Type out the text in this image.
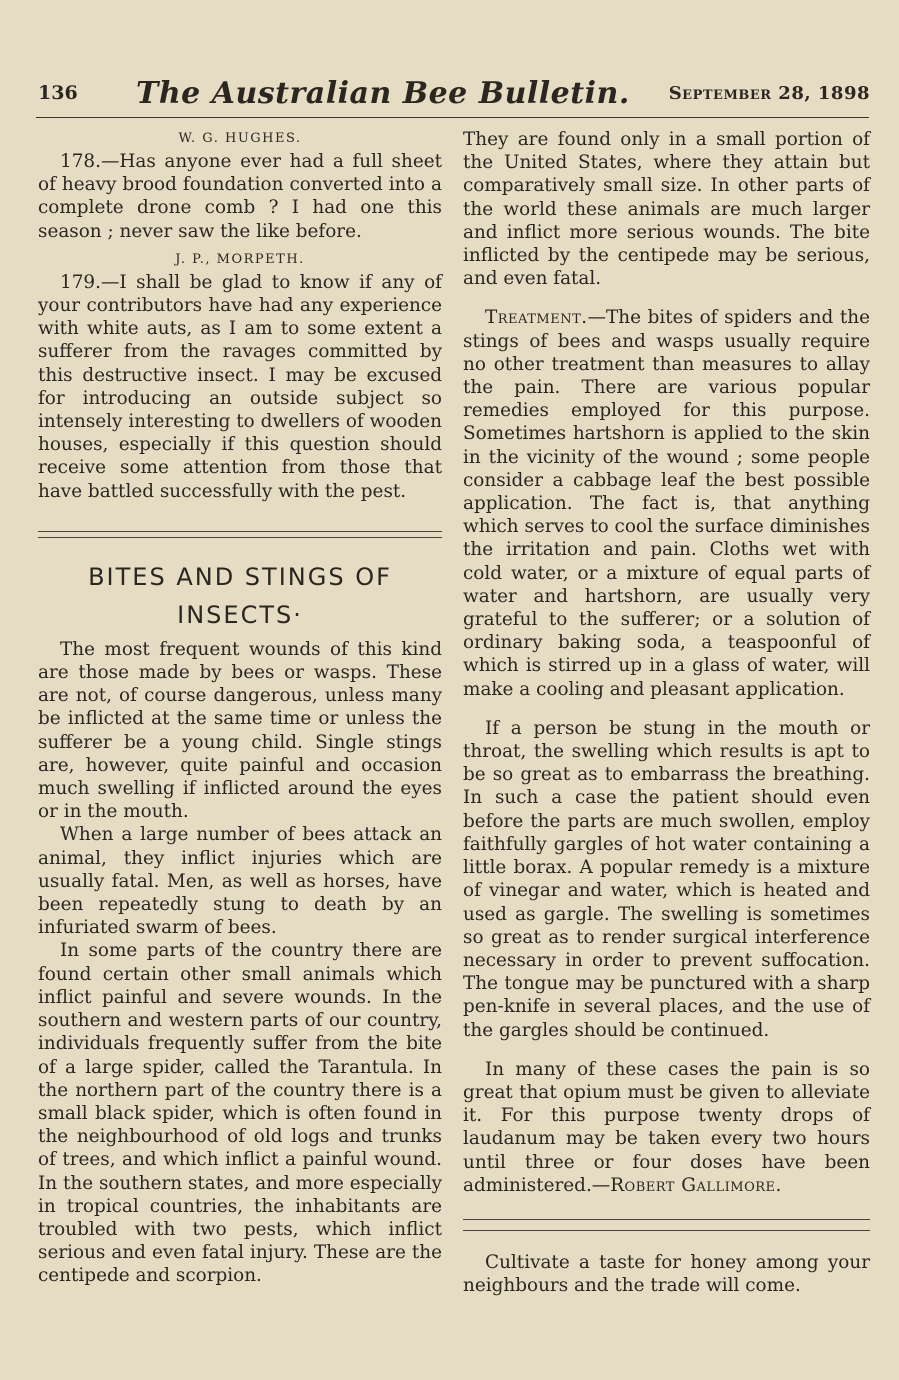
136 The Australian Bee Bulletin. September 28, 1898

W. G. HUGHES.

178.—Has anyone ever had a full sheet of heavy brood foundation converted into a complete drone comb ? I had one this season ; never saw the like before.

J. P., MORPETH.

179.—I shall be glad to know if any of your contributors have had any experience with white auts, as I am to some extent a sufferer from the ravages committed by this destructive insect. I may be excused for introducing an outside subject so intensely interesting to dwellers of wooden houses, especially if this question should receive some attention from those that have battled successfully with the pest.

BITES AND STINGS OF

INSECTS·

The most frequent wounds of this kind are those made by bees or wasps. These are not, of course dangerous, unless many be inflicted at the same time or unless the sufferer be a young child. Single stings are, however, quite painful and occasion much swelling if inflicted around the eyes or in the mouth.

When a large number of bees attack an animal, they inflict injuries which are usually fatal. Men, as well as horses, have been repeatedly stung to death by an infuriated swarm of bees.

In some parts of the country there are found certain other small animals which inflict painful and severe wounds. In the southern and western parts of our country, individuals frequently suffer from the bite of a large spider, called the Tarantula. In the northern part of the country there is a small black spider, which is often found in the neighbourhood of old logs and trunks of trees, and which inflict a painful wound. In the southern states, and more especially in tropical countries, the inhabitants are troubled with two pests, which inflict serious and even fatal injury. These are the centipede and scorpion.

They are found only in a small portion of the United States, where they attain but comparatively small size. In other parts of the world these animals are much larger and inflict more serious wounds. The bite inflicted by the centipede may be serious, and even fatal.

Treatment.—The bites of spiders and the stings of bees and wasps usually require no other treatment than measures to allay the pain. There are various popular remedies employed for this purpose. Sometimes hartshorn is applied to the skin in the vicinity of the wound ; some people consider a cabbage leaf the best possible application. The fact is, that anything which serves to cool the surface diminishes the irritation and pain. Cloths wet with cold water, or a mixture of equal parts of water and hartshorn, are usually very grateful to the sufferer; or a solution of ordinary baking soda, a teaspoonful of which is stirred up in a glass of water, will make a cooling and pleasant application.

If a person be stung in the mouth or throat, the swelling which results is apt to be so great as to embarrass the breathing. In such a case the patient should even before the parts are much swollen, employ faithfully gargles of hot water containing a little borax. A popular remedy is a mixture of vinegar and water, which is heated and used as gargle. The swelling is sometimes so great as to render surgical interference necessary in order to prevent suffocation. The tongue may be punctured with a sharp pen-knife in several places, and the use of the gargles should be continued.

In many of these cases the pain is so great that opium must be given to alleviate it. For this purpose twenty drops of laudanum may be taken every two hours until three or four doses have been administered.—Robert Gallimore.

Cultivate a taste for honey among your neighbours and the trade will come.
